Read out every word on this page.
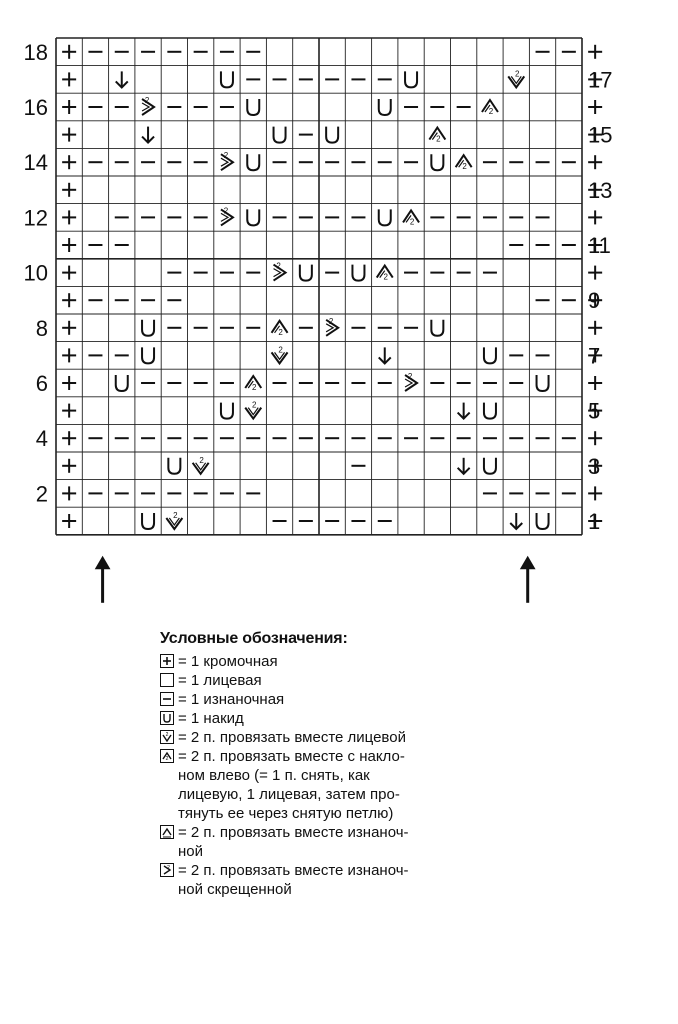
2
2
2
2
2
2
2
2
2
2
2
2
2
2
2
2
2
2
18
16
14
12
10
8
6
4
2
17
15
13
11
9
7
5
3
1
Условные обозначения:
= 1 кромочная
= 1 лицевая
= 1 изнаночная
= 1 накид
2 = 2 п. провязать вместе лицевой
2 = 2 п. провязать вместе с накло-
ном влево (= 1 п. снять, как
лицевую, 1 лицевая, затем про-
тянуть ее через снятую петлю)
= 2 п. провязать вместе изнаноч-
ной
2 = 2 п. провязать вместе изнаноч-
ной скрещенной
